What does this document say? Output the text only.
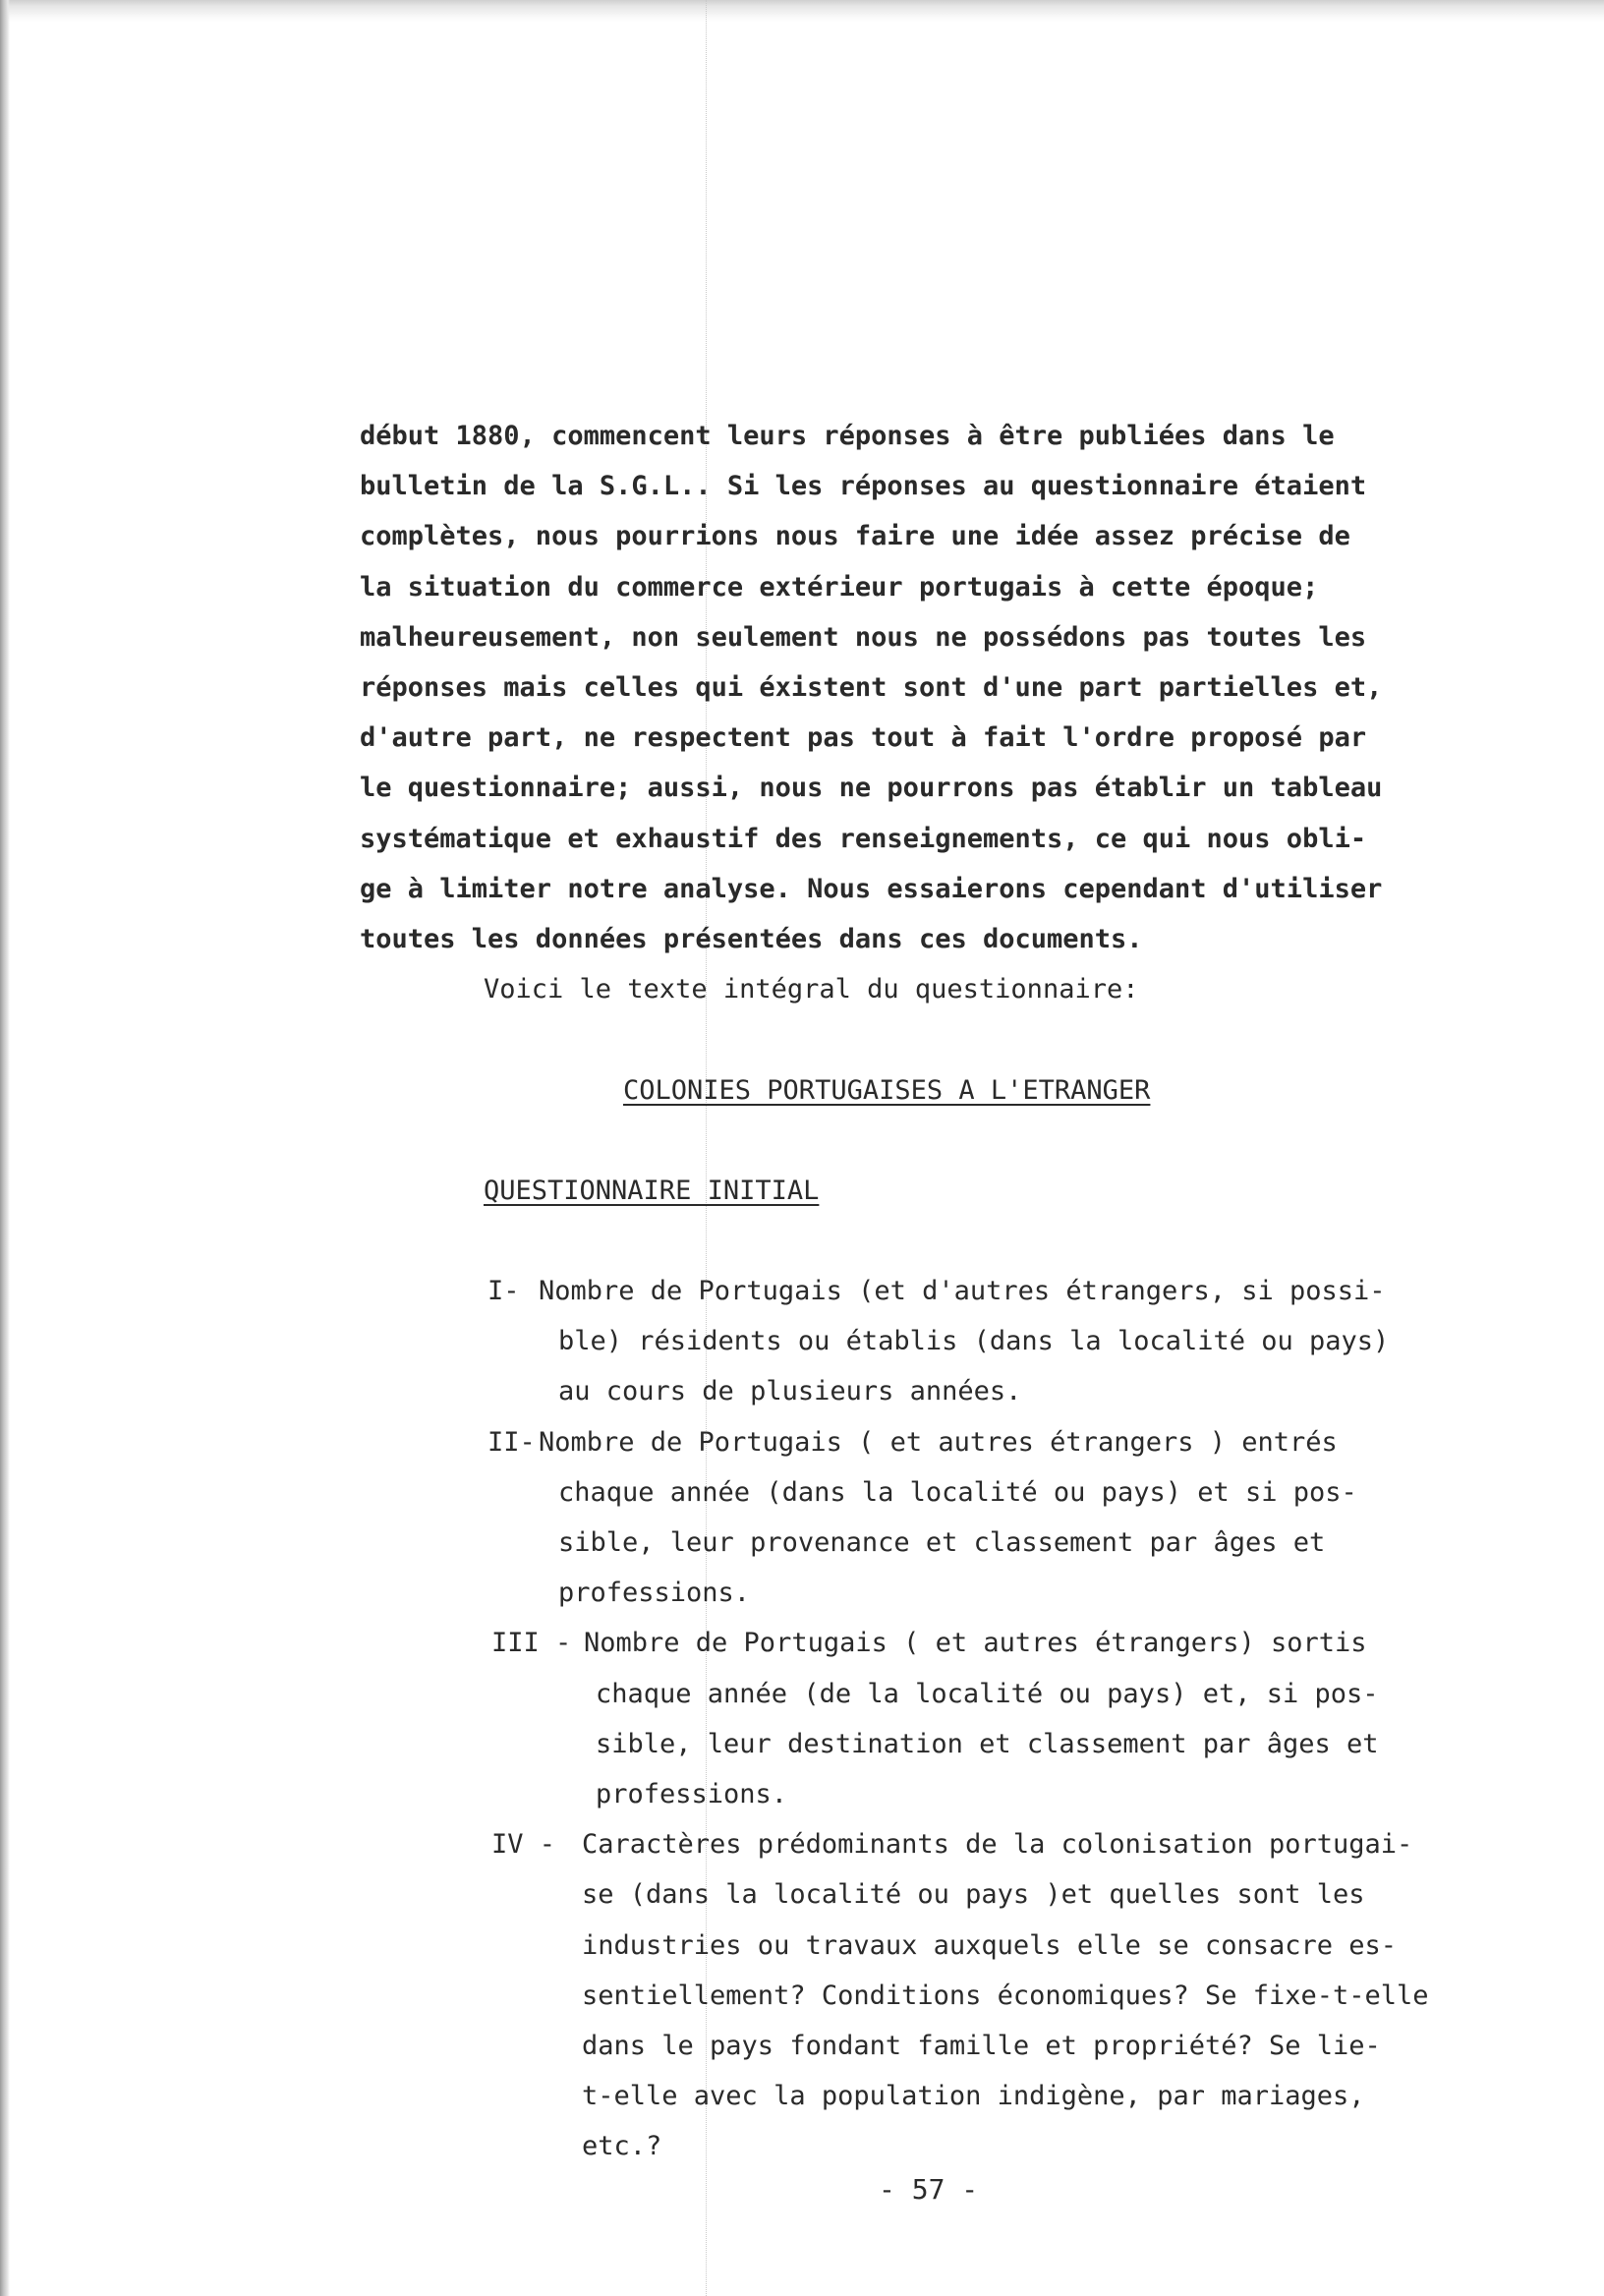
début 1880, commencent leurs réponses à être publiées dans le
bulletin de la S.G.L.. Si les réponses au questionnaire étaient
complètes, nous pourrions nous faire une idée assez précise de
la situation du commerce extérieur portugais à cette époque;
malheureusement, non seulement nous ne possédons pas toutes les
réponses mais celles qui éxistent sont d'une part partielles et,
d'autre part, ne respectent pas tout à fait l'ordre proposé par
le questionnaire; aussi, nous ne pourrons pas établir un tableau
systématique et exhaustif des renseignements, ce qui nous obli-
ge à limiter notre analyse. Nous essaierons cependant d'utiliser
toutes les données présentées dans ces documents.
Voici le texte intégral du questionnaire:

COLONIES PORTUGAISES A L'ETRANGER
QUESTIONNAIRE INITIAL
I- Nombre de Portugais (et d'autres étrangers, si possi-
ble) résidents ou établis (dans la localité ou pays)
au cours de plusieurs années.
II- Nombre de Portugais ( et autres étrangers ) entrés
chaque année (dans la localité ou pays) et si pos-
sible, leur provenance et classement par âges et
professions.
III - Nombre de Portugais ( et autres étrangers) sortis
chaque année (de la localité ou pays) et, si pos-
sible, leur destination et classement par âges et
professions.
IV - Caractères prédominants de la colonisation portugai-
se (dans la localité ou pays )et quelles sont les
industries ou travaux auxquels elle se consacre es-
sentiellement? Conditions économiques? Se fixe-t-elle
dans le pays fondant famille et propriété? Se lie-
t-elle avec la population indigène, par mariages,
etc.?
- 57 -
